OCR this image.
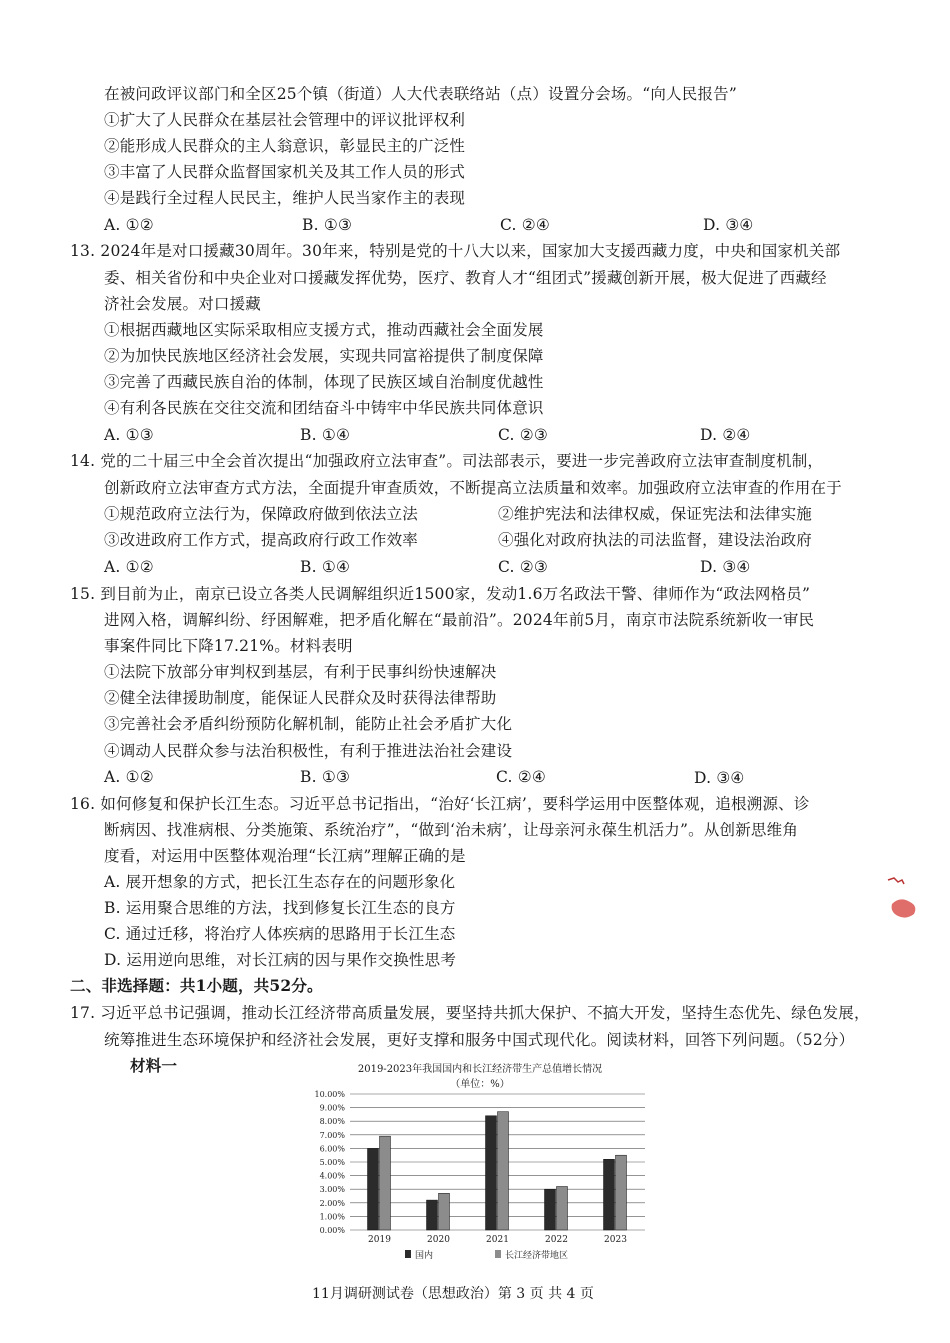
在被问政评议部门和全区25个镇（街道）人大代表联络站（点）设置分会场。“向人民报告”
①扩大了人民群众在基层社会管理中的评议批评权利
②能形成人民群众的主人翁意识，彰显民主的广泛性
③丰富了人民群众监督国家机关及其工作人员的形式
④是践行全过程人民民主，维护人民当家作主的表现
A. ①②	B. ①③	C. ②④	D. ③④
13. 2024年是对口援藏30周年。30年来，特别是党的十八大以来，国家加大支援西藏力度，中央和国家机关部
委、相关省份和中央企业对口援藏发挥优势，医疗、教育人才“组团式”援藏创新开展，极大促进了西藏经
济社会发展。对口援藏
①根据西藏地区实际采取相应支援方式，推动西藏社会全面发展
②为加快民族地区经济社会发展，实现共同富裕提供了制度保障
③完善了西藏民族自治的体制，体现了民族区域自治制度优越性
④有利各民族在交往交流和团结奋斗中铸牢中华民族共同体意识
A. ①③	B. ①④	C. ②③	D. ②④
14. 党的二十届三中全会首次提出“加强政府立法审查”。司法部表示，要进一步完善政府立法审查制度机制，
创新政府立法审查方式方法，全面提升审查质效，不断提高立法质量和效率。加强政府立法审查的作用在于
①规范政府立法行为，保障政府做到依法立法	②维护宪法和法律权威，保证宪法和法律实施
③改进政府工作方式，提高政府行政工作效率	④强化对政府执法的司法监督，建设法治政府
A. ①②	B. ①④	C. ②③	D. ③④
15. 到目前为止，南京已设立各类人民调解组织近1500家，发动1.6万名政法干警、律师作为“政法网格员”
进网入格，调解纠纷、纾困解难，把矛盾化解在“最前沿”。2024年前5月，南京市法院系统新收一审民
事案件同比下降17.21%。材料表明
①法院下放部分审判权到基层，有利于民事纠纷快速解决
②健全法律援助制度，能保证人民群众及时获得法律帮助
③完善社会矛盾纠纷预防化解机制，能防止社会矛盾扩大化
④调动人民群众参与法治积极性，有利于推进法治社会建设
A. ①②	B. ①③	C. ②④	D. ③④
16. 如何修复和保护长江生态。习近平总书记指出，“治好‘长江病’，要科学运用中医整体观，追根溯源、诊
断病因、找准病根、分类施策、系统治疗”，“做到‘治未病’，让母亲河永葆生机活力”。从创新思维角
度看，对运用中医整体观治理“长江病”理解正确的是
A. 展开想象的方式，把长江生态存在的问题形象化
B. 运用聚合思维的方法，找到修复长江生态的良方
C. 通过迁移，将治疗人体疾病的思路用于长江生态
D. 运用逆向思维，对长江病的因与果作交换性思考
二、非选择题：共1小题，共52分。
17. 习近平总书记强调，推动长江经济带高质量发展，要坚持共抓大保护、不搞大开发，坚持生态优先、绿色发展，
统筹推进生态环境保护和经济社会发展，更好支撑和服务中国式现代化。阅读材料，回答下列问题。（52分）
材料一	2019-2023年我国国内和长江经济带生产总值增长情况
（单位：%）
0.00%
1.00%
2.00%
3.00%
4.00%
5.00%
6.00%
7.00%
8.00%
9.00%
10.00%
2019	2020	2021	2022	2023
国内	长江经济带地区
11月调研测试卷（思想政治）第 3 页 共 4 页
